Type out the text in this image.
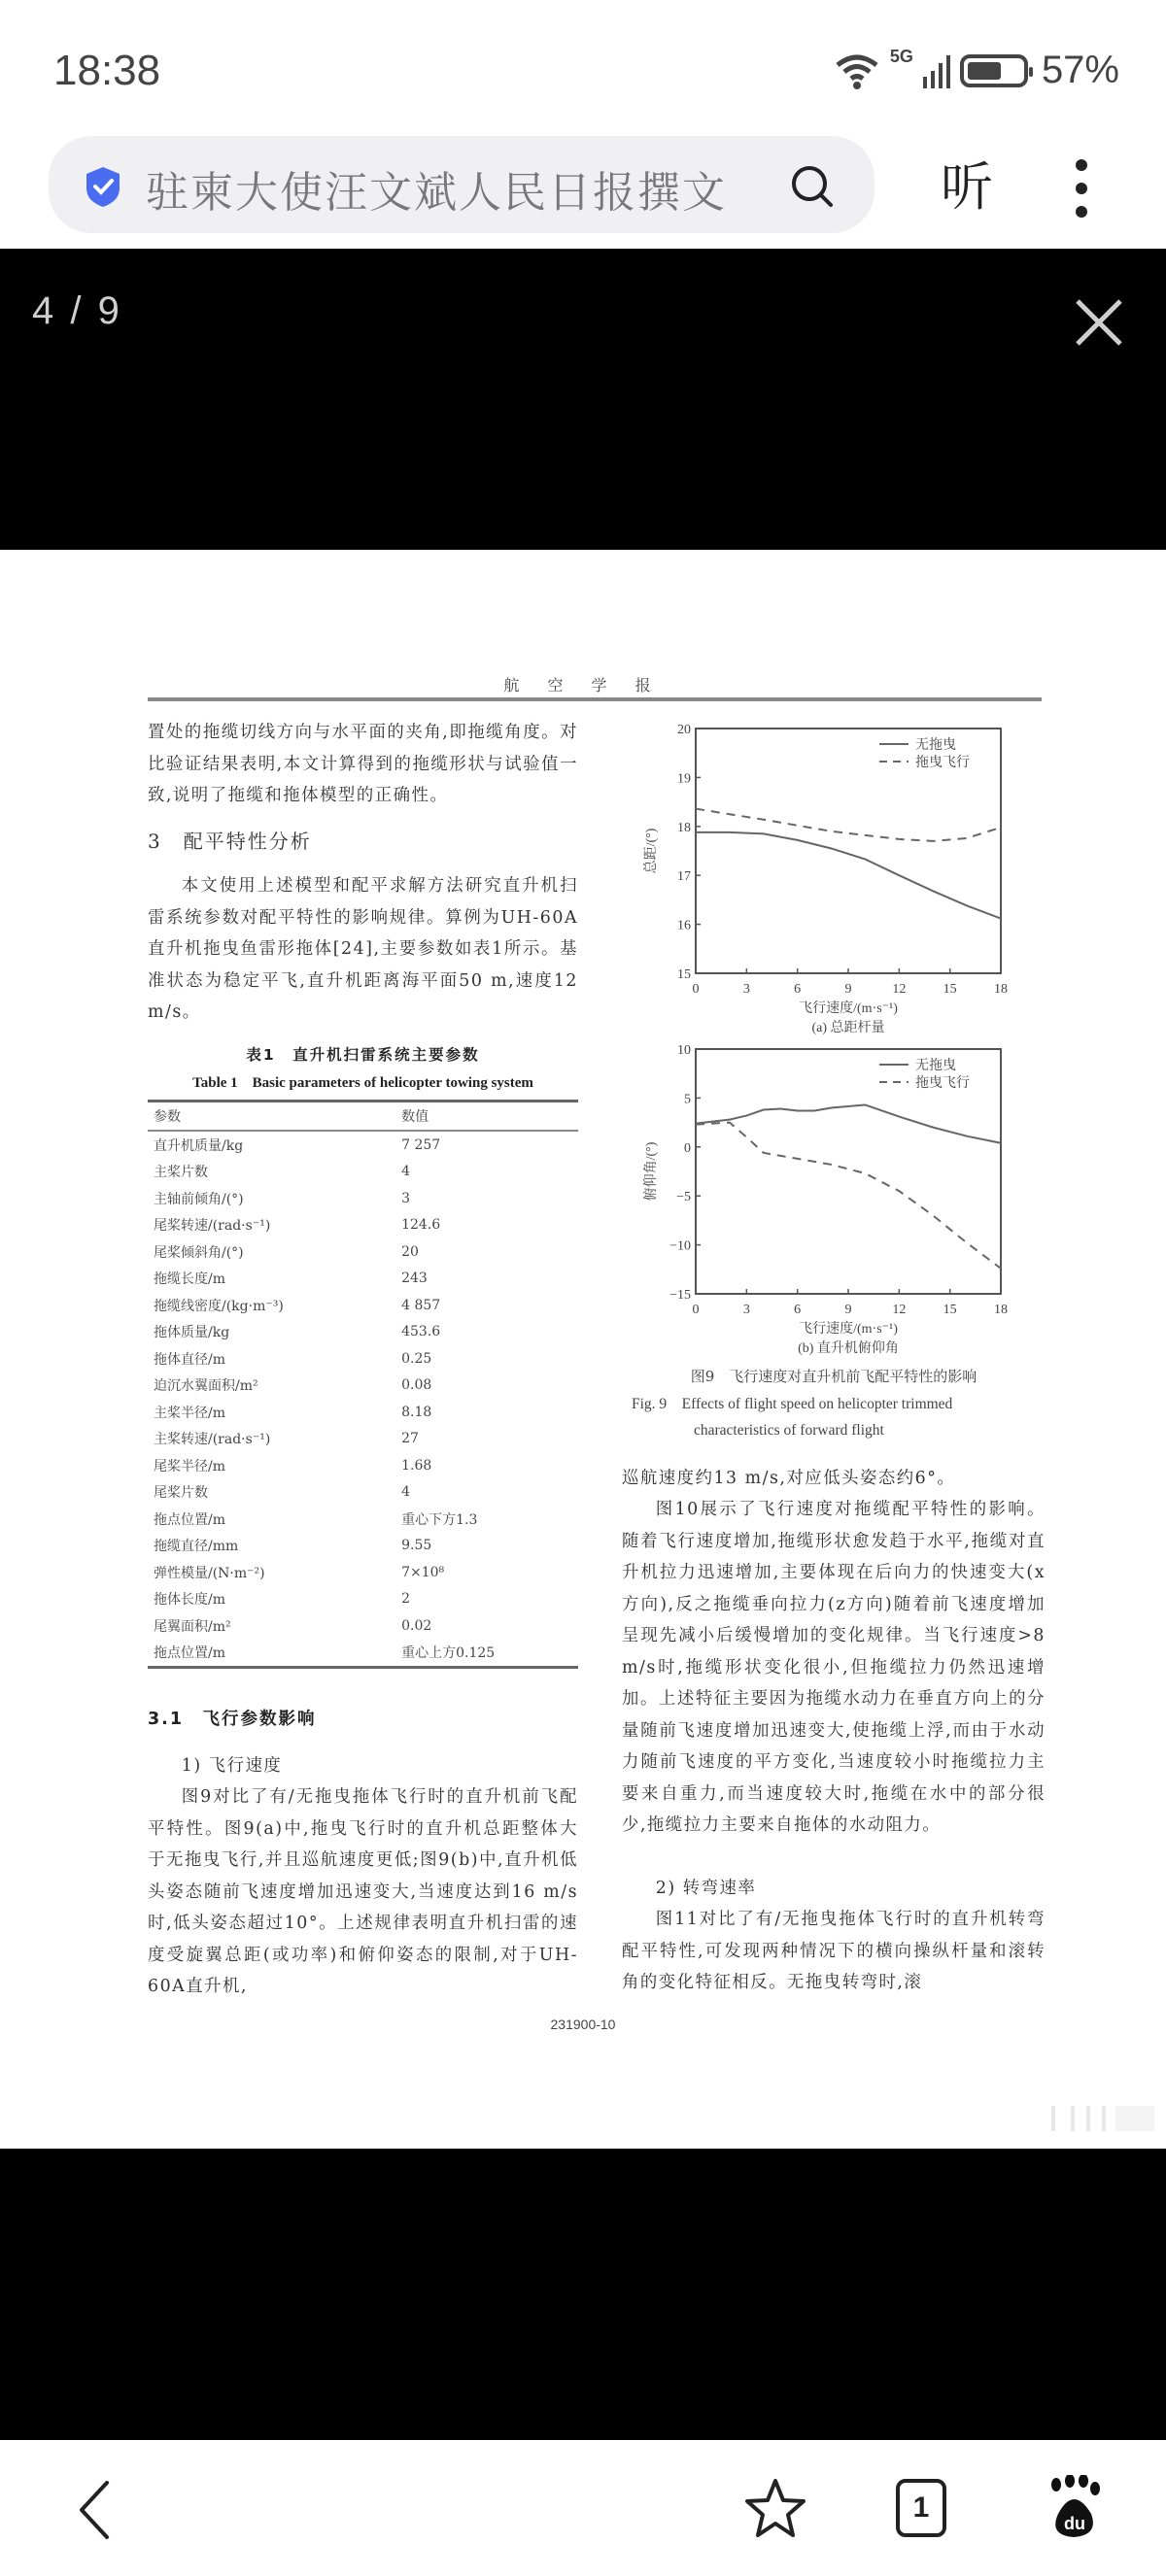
18:38	5G	57%
驻柬大使汪文斌人民日报撰文	听
4 / 9
航 空 学 报
置处的拖缆切线方向与水平面的夹角,即拖缆角度。对比验证结果表明,本文计算得到的拖缆形状与试验值一致,说明了拖缆和拖体模型的正确性。
3　配平特性分析
本文使用上述模型和配平求解方法研究直升机扫雷系统参数对配平特性的影响规律。算例为UH-60A直升机拖曳鱼雷形拖体[24],主要参数如表1所示。基准状态为稳定平飞,直升机距离海平面50 m,速度12 m/s。
表1　直升机扫雷系统主要参数
Table 1　Basic parameters of helicopter towing system
参数	数值
直升机质量/kg	7 257
主桨片数	4
主轴前倾角/(°)	3
尾桨转速/(rad·s⁻¹)	124.6
尾桨倾斜角/(°)	20
拖缆长度/m	243
拖缆线密度/(kg·m⁻³)	4 857
拖体质量/kg	453.6
拖体直径/m	0.25
迫沉水翼面积/m²	0.08
主桨半径/m	8.18
主桨转速/(rad·s⁻¹)	27
尾桨半径/m	1.68
尾桨片数	4
拖点位置/m	重心下方1.3
拖缆直径/mm	9.55
弹性模量/(N·m⁻²)	7×10⁸
拖体长度/m	2
尾翼面积/m²	0.02
拖点位置/m	重心上方0.125
3.1　飞行参数影响
1) 飞行速度
图9对比了有/无拖曳拖体飞行时的直升机前飞配平特性。图9(a)中,拖曳飞行时的直升机总距整体大于无拖曳飞行,并且巡航速度更低;图9(b)中,直升机低头姿态随前飞速度增加迅速变大,当速度达到16 m/s时,低头姿态超过10°。上述规律表明直升机扫雷的速度受旋翼总距(或功率)和俯仰姿态的限制,对于UH-60A直升机,
0	3	6	9	12	15	18
15
16
17
18
19
20
飞行速度/(m·s⁻¹)
(a) 总距杆量
总距/(°)
无拖曳
拖曳飞行
0	3	6	9	12	15	18
−15
−10
−5
0
5
10
飞行速度/(m·s⁻¹)
(b) 直升机俯仰角
俯仰角/(°)
无拖曳
拖曳飞行
图9　飞行速度对直升机前飞配平特性的影响
Fig. 9　Effects of flight speed on helicopter trimmed
characteristics of forward flight
巡航速度约13 m/s,对应低头姿态约6°。
图10展示了飞行速度对拖缆配平特性的影响。随着飞行速度增加,拖缆形状愈发趋于水平,拖缆对直升机拉力迅速增加,主要体现在后向力的快速变大(x方向),反之拖缆垂向拉力(z方向)随着前飞速度增加呈现先减小后缓慢增加的变化规律。当飞行速度>8 m/s时,拖缆形状变化很小,但拖缆拉力仍然迅速增加。上述特征主要因为拖缆水动力在垂直方向上的分量随前飞速度增加迅速变大,使拖缆上浮,而由于水动力随前飞速度的平方变化,当速度较小时拖缆拉力主要来自重力,而当速度较大时,拖缆在水中的部分很少,拖缆拉力主要来自拖体的水动阻力。
2) 转弯速率
图11对比了有/无拖曳拖体飞行时的直升机转弯配平特性,可发现两种情况下的横向操纵杆量和滚转角的变化特征相反。无拖曳转弯时,滚
231900-10
1	du
